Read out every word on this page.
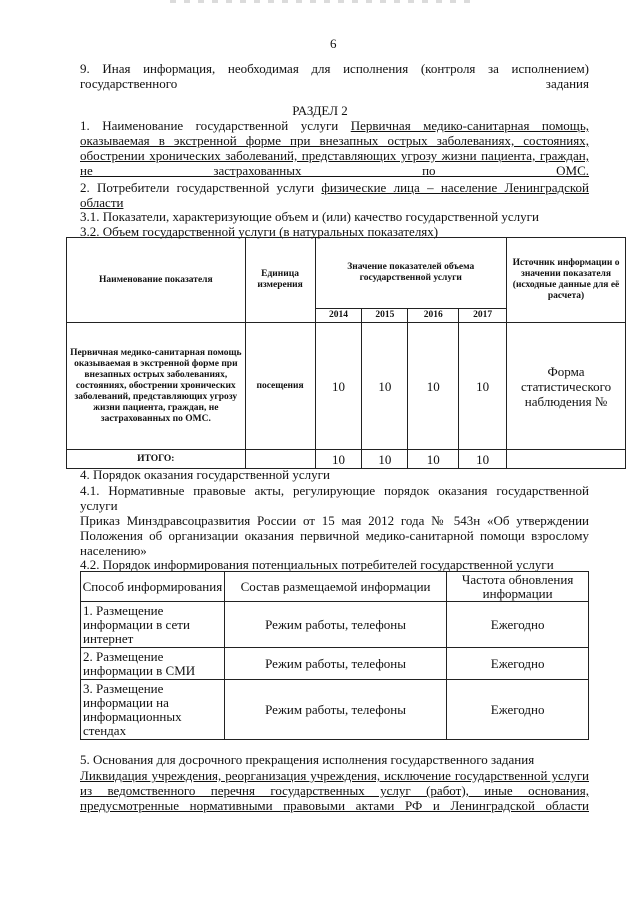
6
9. Иная информация, необходимая для исполнения (контроля за исполнением) государственного задания
РАЗДЕЛ 2
1. Наименование государственной услуги Первичная медико-санитарная помощь, оказываемая в экстренной форме при внезапных острых заболеваниях, состояниях, обострении хронических заболеваний, представляющих угрозу жизни пациента, граждан, не застрахованных по ОМС.
2. Потребители государственной услуги физические лица – население Ленинградской области
3.1. Показатели, характеризующие объем и (или) качество государственной услуги
3.2. Объем государственной услуги (в натуральных показателях)
Наименование показателя	Единица измерения	Значение показателей объема государственной услуги				Источник информации о значении показателя (исходные данные для её расчета)
		2014	2015	2016	2017	
Первичная медико-санитарная помощь оказываемая в экстренной форме при внезапных острых заболеваниях, состояниях, обострении хронических заболеваний, представляющих угрозу жизни пациента, граждан, не застрахованных по ОМС.	посещения	10	10	10	10	Форма статистического наблюдения №
ИТОГО:		10	10	10	10	
4. Порядок оказания государственной услуги
4.1. Нормативные правовые акты, регулирующие порядок оказания государственной услуги
Приказ Минздравсоцразвития России от 15 мая 2012 года № 543н «Об утверждении Положения об организации оказания первичной медико-санитарной помощи взрослому населению»
4.2. Порядок информирования потенциальных потребителей государственной услуги
Способ информирования	Состав размещаемой информации	Частота обновления информации
1. Размещение информации в сети интернет	Режим работы, телефоны	Ежегодно
2. Размещение информации в СМИ	Режим работы, телефоны	Ежегодно
3. Размещение информации на информационных стендах	Режим работы, телефоны	Ежегодно
5. Основания для досрочного прекращения исполнения государственного задания
Ликвидация учреждения, реорганизация учреждения, исключение государственной услуги из ведомственного перечня государственных услуг (работ), иные основания, предусмотренные нормативными правовыми актами РФ и Ленинградской области
